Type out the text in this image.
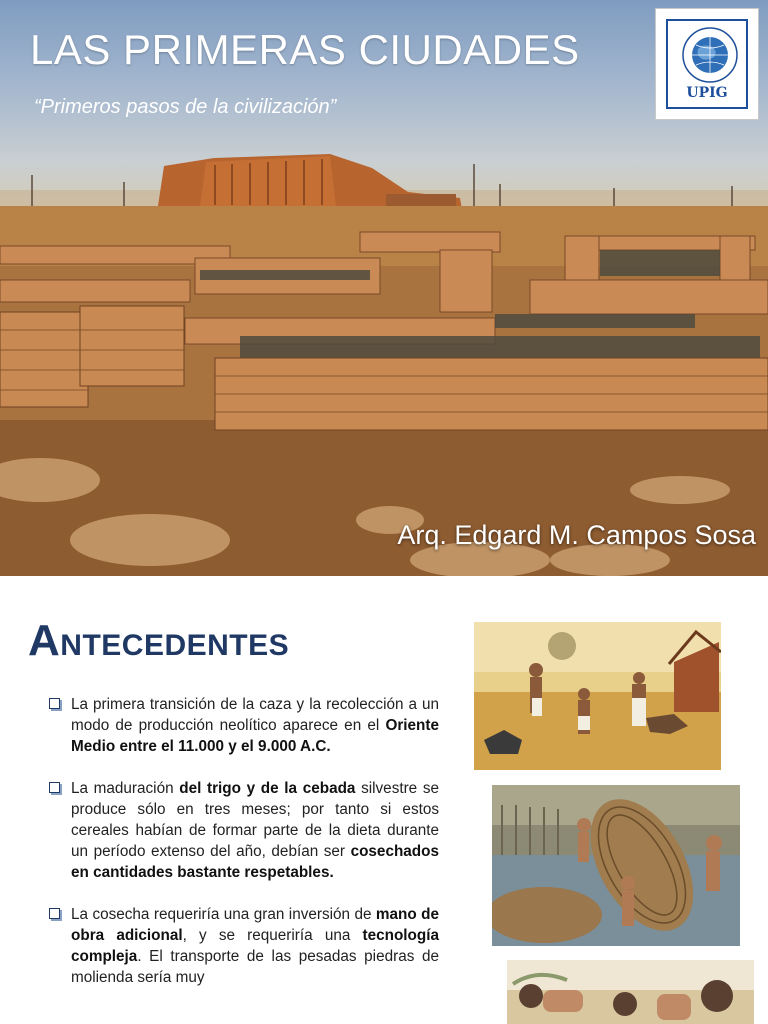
LAS PRIMERAS CIUDADES
“Primeros pasos de la civilización”
Arq. Edgard M. Campos Sosa
UPIG
ANTECEDENTES
La primera transición de la caza y la recolección a un modo de producción neolítico aparece en el Oriente Medio entre el 11.000 y el 9.000 A.C.
La maduración del trigo y de la cebada silvestre se produce sólo en tres meses; por tanto si estos cereales habían de formar parte de la dieta durante un período extenso del año, debían ser cosechados en cantidades bastante respetables.
La cosecha requeriría una gran inversión de mano de obra adicional, y se requeriría una tecnología compleja. El transporte de las pesadas piedras de molienda sería muy
